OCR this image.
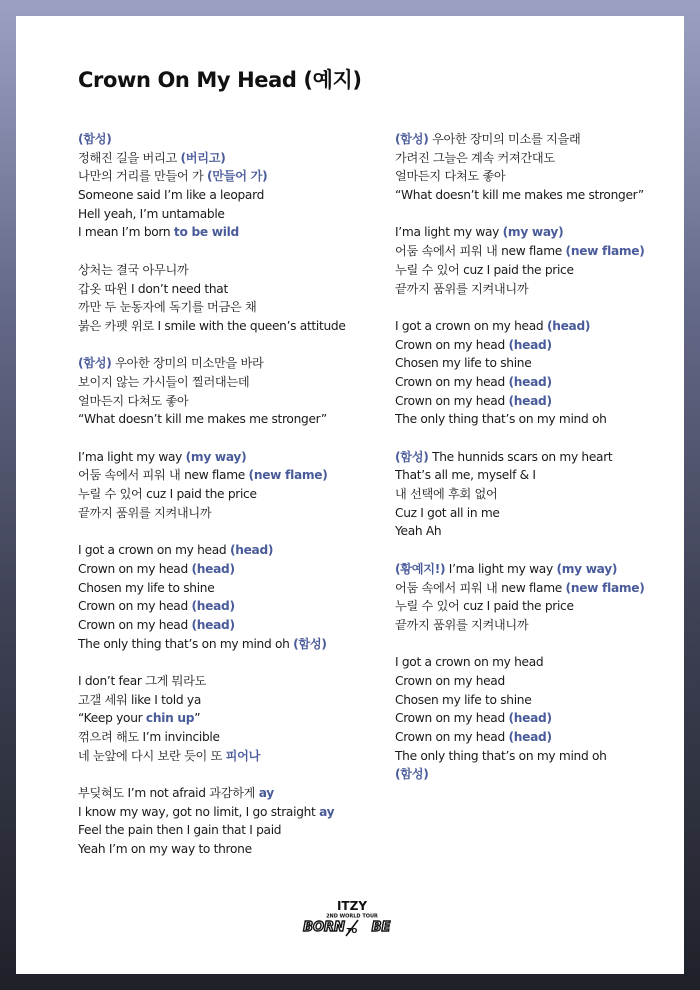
Crown On My Head (예지)
(함성)
정해진 길을 버리고 (버리고)
나만의 거리를 만들어 가 (만들어 가)
Someone said I’m like a leopard
Hell yeah, I’m untamable
I mean I’m born to be wild
상처는 결국 아무니까
갑옷 따윈 I don’t need that
까만 두 눈동자에 독기를 머금은 채
붉은 카펫 위로 I smile with the queen’s attitude
(함성) 우아한 장미의 미소만을 바라
보이지 않는 가시들이 찔러대는데
얼마든지 다쳐도 좋아
“What doesn’t kill me makes me stronger”
I’ma light my way (my way)
어둠 속에서 피워 내 new flame (new flame)
누릴 수 있어 cuz I paid the price
끝까지 품위를 지켜내니까
I got a crown on my head (head)
Crown on my head (head)
Chosen my life to shine
Crown on my head (head)
Crown on my head (head)
The only thing that’s on my mind oh (함성)
I don’t fear 그게 뭐라도
고갤 세워 like I told ya
“Keep your chin up”
꺾으려 해도 I’m invincible
네 눈앞에 다시 보란 듯이 또 피어나
부딪혀도 I’m not afraid 과감하게 ay
I know my way, got no limit, I go straight ay
Feel the pain then I gain that I paid
Yeah I’m on my way to throne
(함성) 우아한 장미의 미소를 지을래
가려진 그늘은 계속 커져간대도
얼마든지 다쳐도 좋아
“What doesn’t kill me makes me stronger”
I’ma light my way (my way)
어둠 속에서 피워 내 new flame (new flame)
누릴 수 있어 cuz I paid the price
끝까지 품위를 지켜내니까
I got a crown on my head (head)
Crown on my head (head)
Chosen my life to shine
Crown on my head (head)
Crown on my head (head)
The only thing that’s on my mind oh
(함성) The hunnids scars on my heart
That’s all me, myself & I
내 선택에 후회 없어
Cuz I got all in me
Yeah Ah
(황예지!) I’ma light my way (my way)
어둠 속에서 피워 내 new flame (new flame)
누릴 수 있어 cuz I paid the price
끝까지 품위를 지켜내니까
I got a crown on my head
Crown on my head
Chosen my life to shine
Crown on my head (head)
Crown on my head (head)
The only thing that’s on my mind oh
(함성)
ITZY
2ND WORLD TOUR
BORN TO BE
